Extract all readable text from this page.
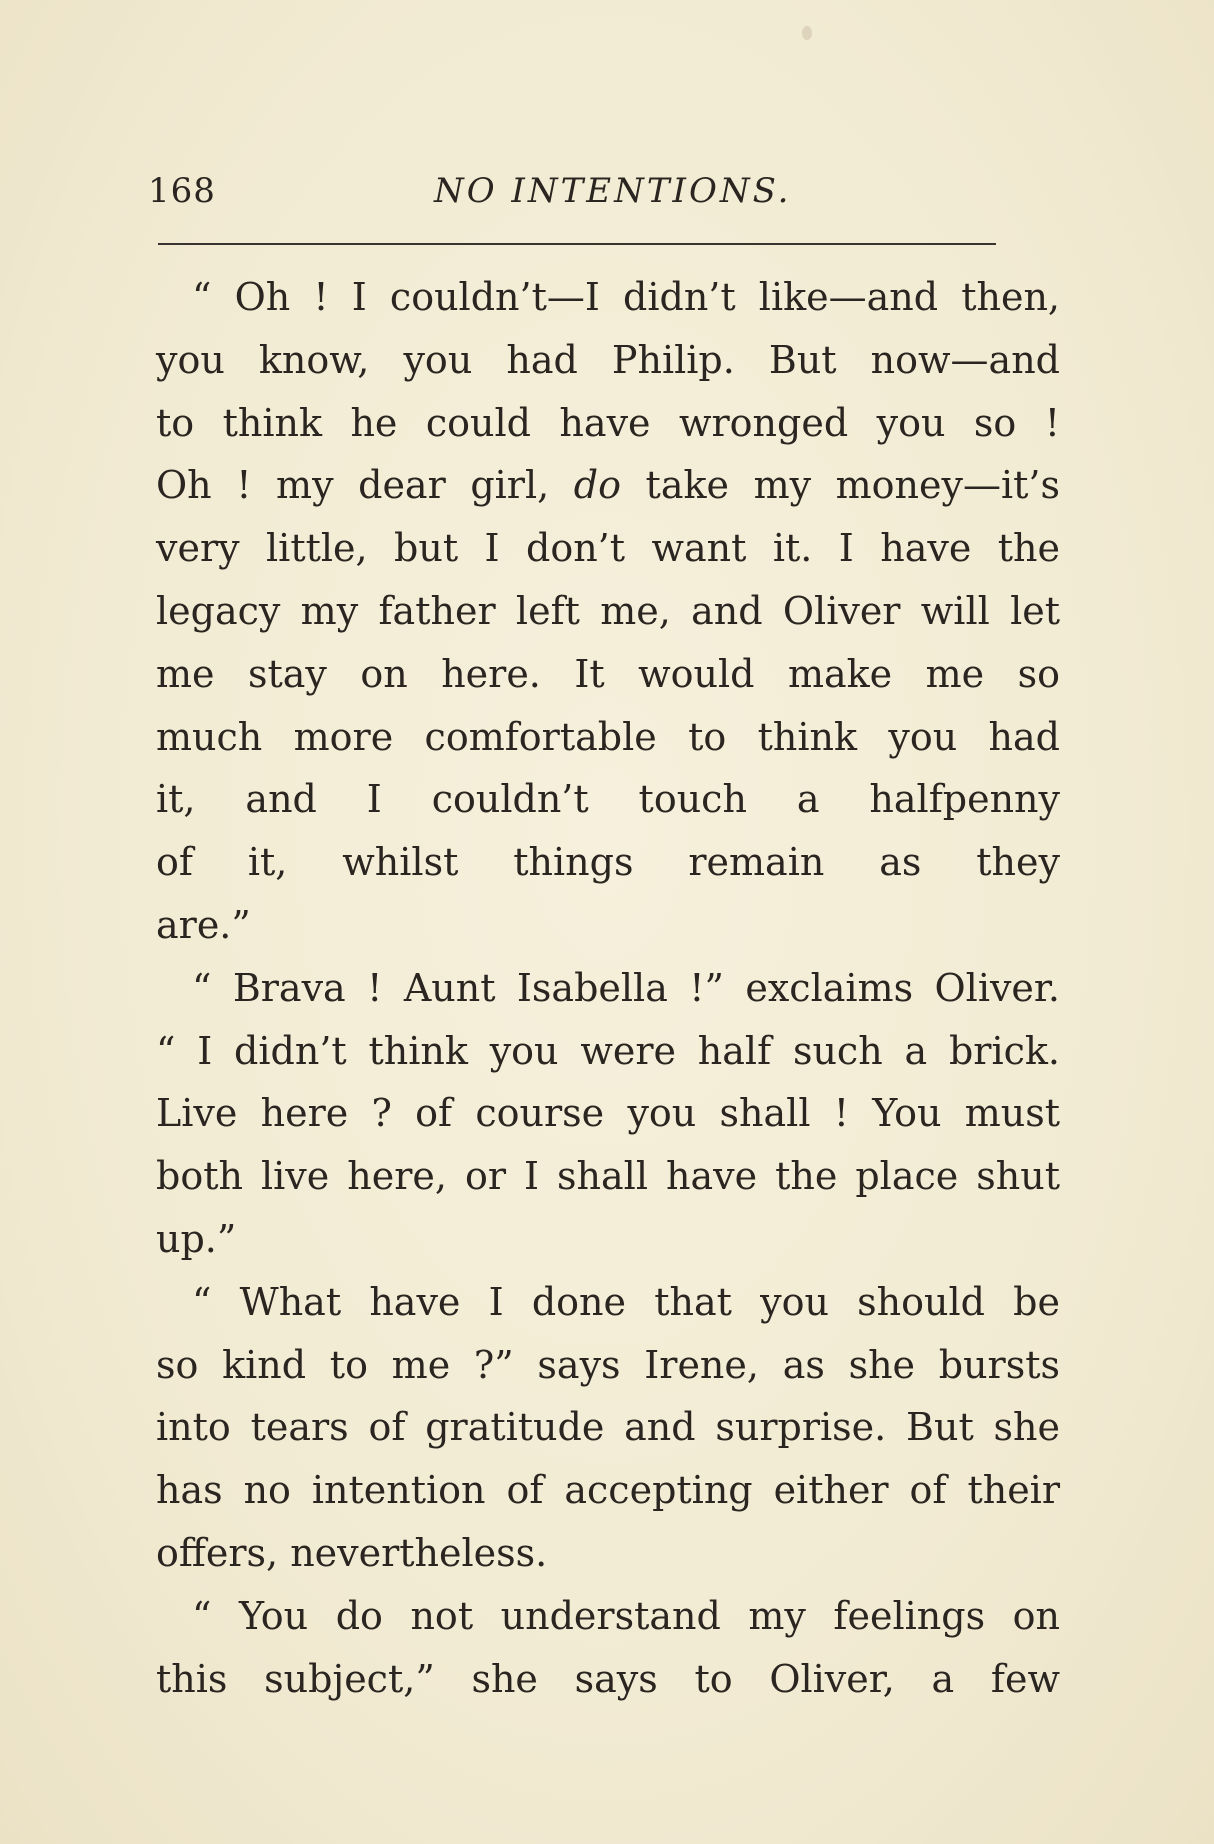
168	NO INTENTIONS.
“ Oh ! I couldn’t—I didn’t like—and then,
you know, you had Philip. But now—and
to think he could have wronged you so !
Oh ! my dear girl, do take my money—it’s
very little, but I don’t want it. I have the
legacy my father left me, and Oliver will let
me stay on here. It would make me so
much more comfortable to think you had
it, and I couldn’t touch a halfpenny
of it, whilst things remain as they
are.”
“ Brava ! Aunt Isabella !” exclaims Oliver.
“ I didn’t think you were half such a brick.
Live here ? of course you shall ! You must
both live here, or I shall have the place shut
up.”
“ What have I done that you should be
so kind to me ?” says Irene, as she bursts
into tears of gratitude and surprise. But she
has no intention of accepting either of their
offers, nevertheless.
“ You do not understand my feelings on
this subject,” she says to Oliver, a few
